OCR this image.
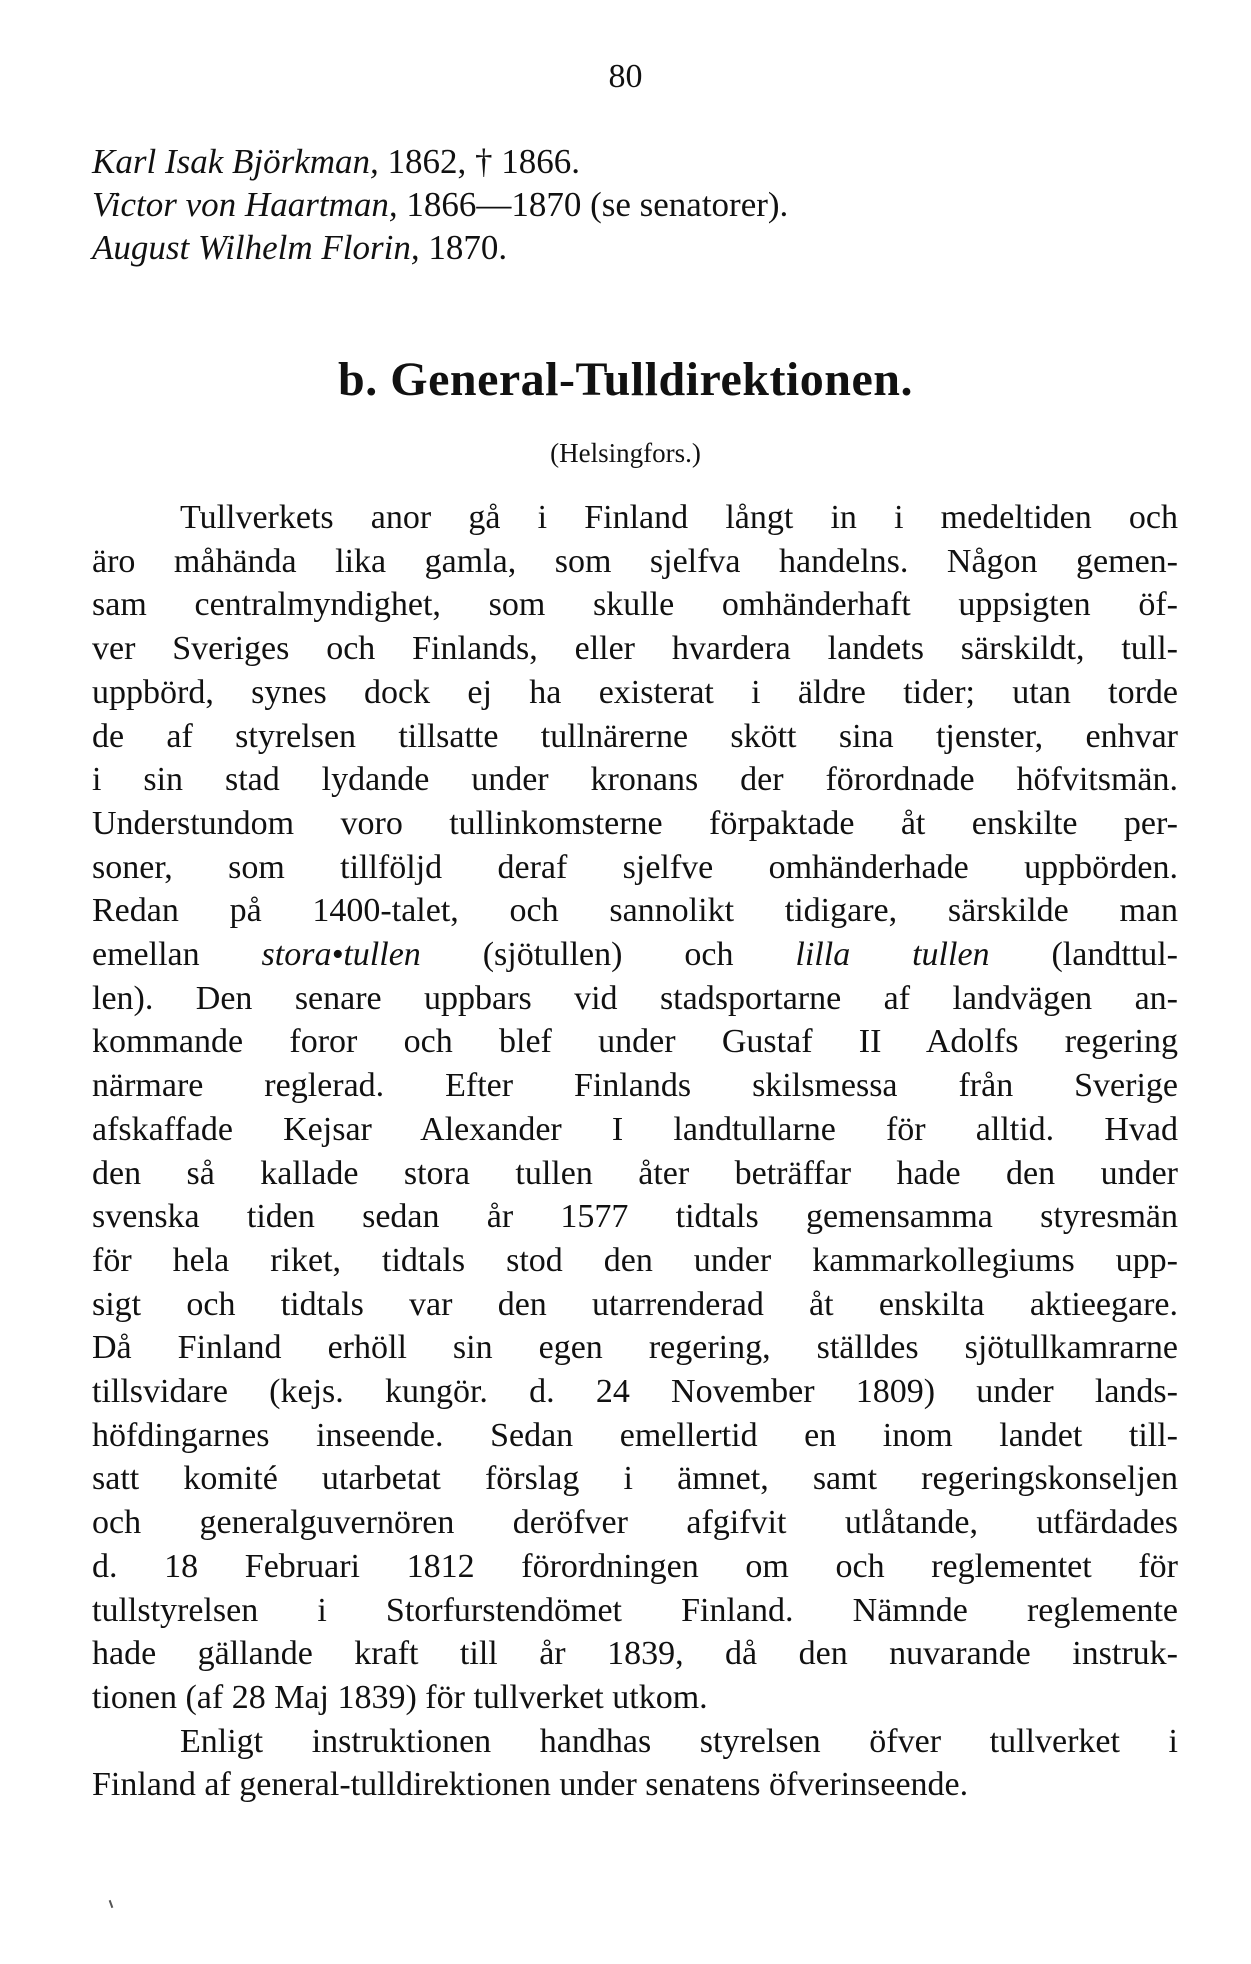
80
Karl Isak Björkman, 1862, † 1866.
Victor von Haartman, 1866—1870 (se senatorer).
August Wilhelm Florin, 1870.
b. General-Tulldirektionen.
(Helsingfors.)
Tullverkets anor gå i Finland långt in i medeltiden och
äro måhända lika gamla, som sjelfva handelns. Någon gemen-
sam centralmyndighet, som skulle omhänderhaft uppsigten öf-
ver Sveriges och Finlands, eller hvardera landets särskildt, tull-
uppbörd, synes dock ej ha existerat i äldre tider; utan torde
de af styrelsen tillsatte tullnärerne skött sina tjenster, enhvar
i sin stad lydande under kronans der förordnade höfvitsmän.
Understundom voro tullinkomsterne förpaktade åt enskilte per-
soner, som tillföljd deraf sjelfve omhänderhade uppbörden.
Redan på 1400-talet, och sannolikt tidigare, särskilde man
emellan stora•tullen (sjötullen) och lilla tullen (landttul-
len). Den senare uppbars vid stadsportarne af landvägen an-
kommande foror och blef under Gustaf II Adolfs regering
närmare reglerad. Efter Finlands skilsmessa från Sverige
afskaffade Kejsar Alexander I landtullarne för alltid. Hvad
den så kallade stora tullen åter beträffar hade den under
svenska tiden sedan år 1577 tidtals gemensamma styresmän
för hela riket, tidtals stod den under kammarkollegiums upp-
sigt och tidtals var den utarrenderad åt enskilta aktieegare.
Då Finland erhöll sin egen regering, ställdes sjötullkamrarne
tillsvidare (kejs. kungör. d. 24 November 1809) under lands-
höfdingarnes inseende. Sedan emellertid en inom landet till-
satt komité utarbetat förslag i ämnet, samt regeringskonseljen
och generalguvernören deröfver afgifvit utlåtande, utfärdades
d. 18 Februari 1812 förordningen om och reglementet för
tullstyrelsen i Storfurstendömet Finland. Nämnde reglemente
hade gällande kraft till år 1839, då den nuvarande instruk-
tionen (af 28 Maj 1839) för tullverket utkom.
Enligt instruktionen handhas styrelsen öfver tullverket i
Finland af general-tulldirektionen under senatens öfverinseende.
